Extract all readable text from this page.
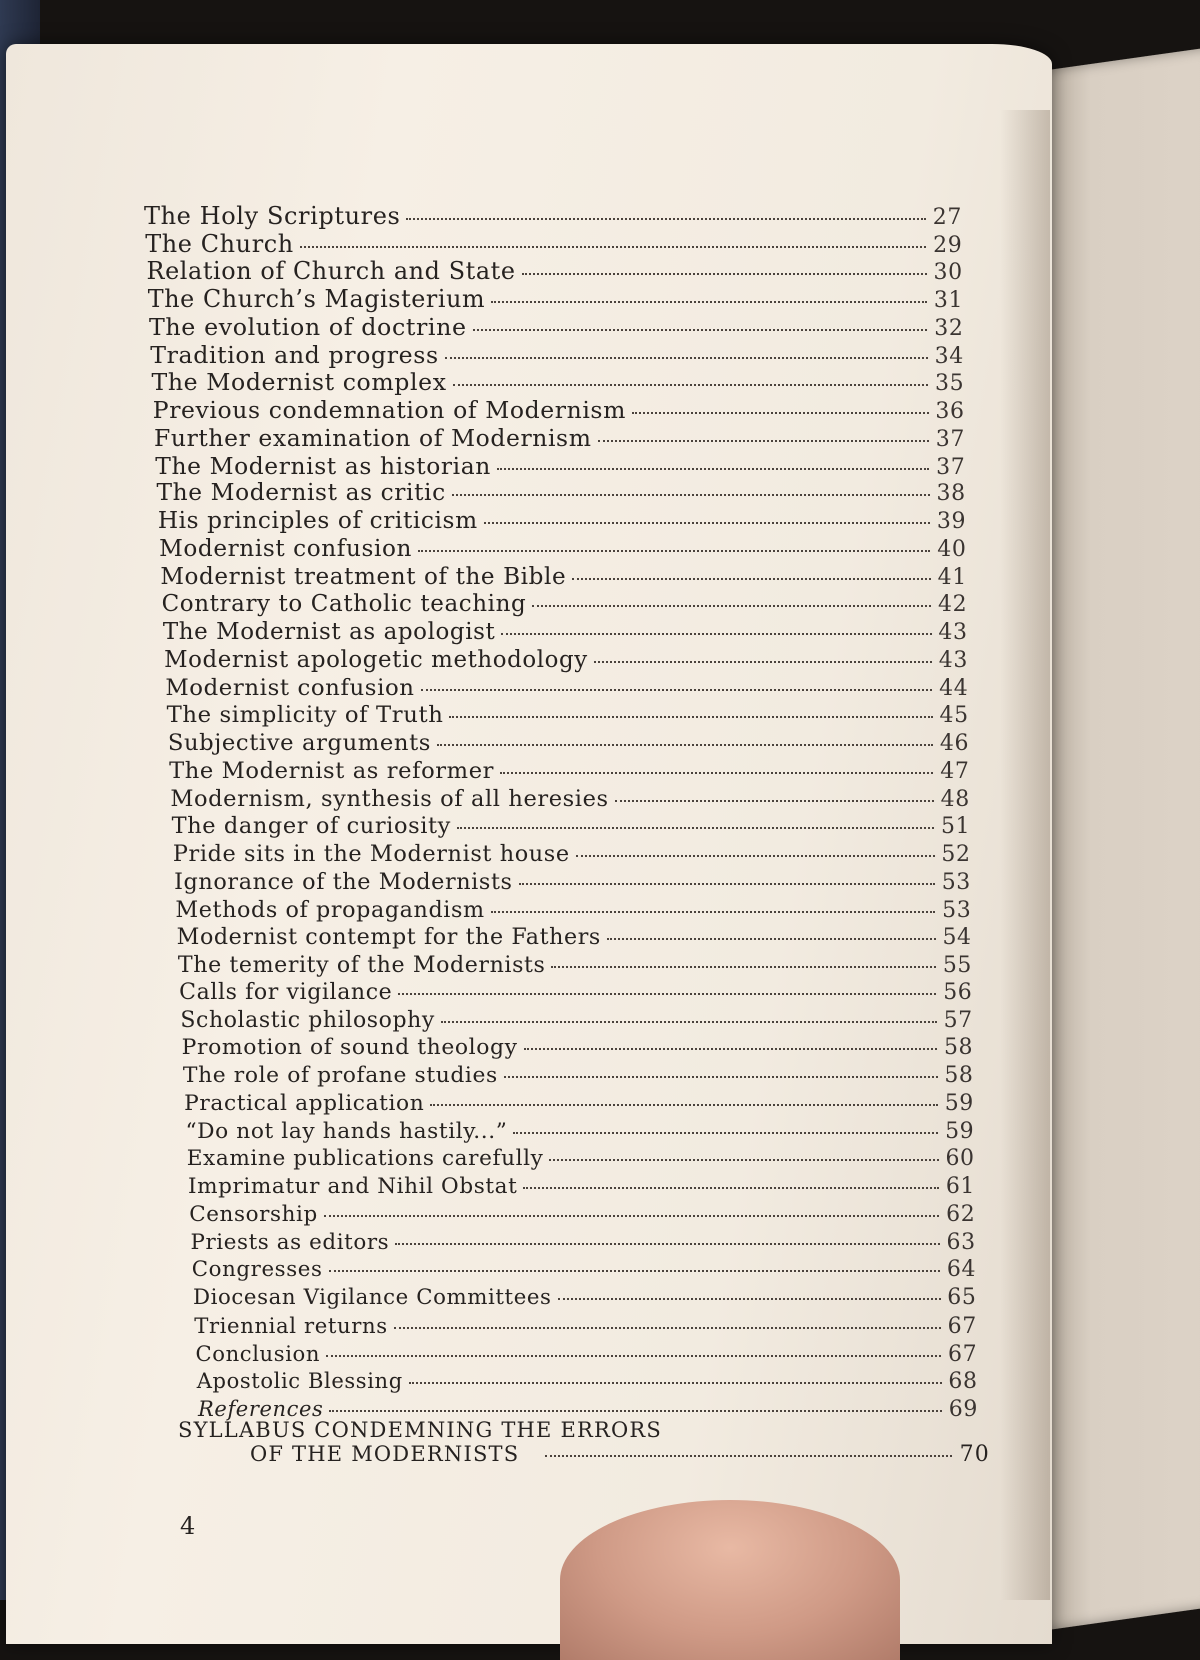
The Holy Scriptures	27
The Church	29
Relation of Church and State	30
The Church’s Magisterium	31
The evolution of doctrine	32
Tradition and progress	34
The Modernist complex	35
Previous condemnation of Modernism	36
Further examination of Modernism	37
The Modernist as historian	37
The Modernist as critic	38
His principles of criticism	39
Modernist confusion	40
Modernist treatment of the Bible	41
Contrary to Catholic teaching	42
The Modernist as apologist	43
Modernist apologetic methodology	43
Modernist confusion	44
The simplicity of Truth	45
Subjective arguments	46
The Modernist as reformer	47
Modernism, synthesis of all heresies	48
The danger of curiosity	51
Pride sits in the Modernist house	52
Ignorance of the Modernists	53
Methods of propagandism	53
Modernist contempt for the Fathers	54
The temerity of the Modernists	55
Calls for vigilance	56
Scholastic philosophy	57
Promotion of sound theology	58
The role of profane studies	58
Practical application	59
“Do not lay hands hastily...”	59
Examine publications carefully	60
Imprimatur and Nihil Obstat	61
Censorship	62
Priests as editors	63
Congresses	64
Diocesan Vigilance Committees	65
Triennial returns	67
Conclusion	67
Apostolic Blessing	68
References	69
SYLLABUS CONDEMNING THE ERRORS
OF THE MODERNISTS	70
4
